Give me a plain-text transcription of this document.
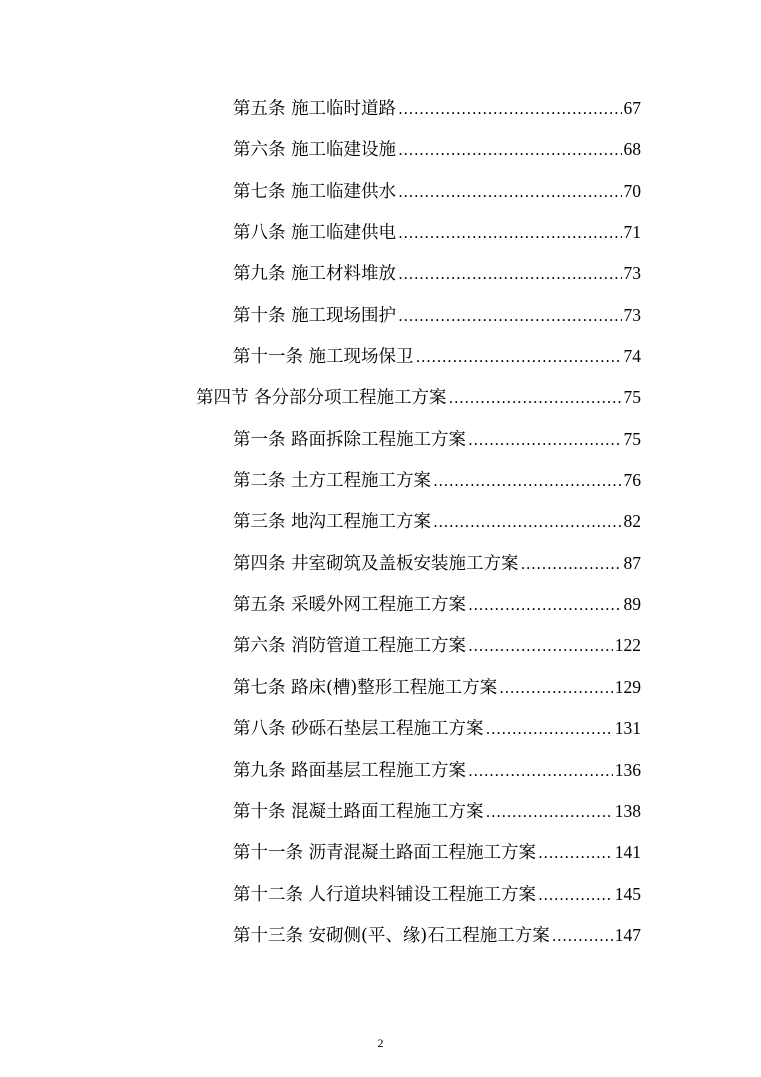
第五条 施工临时道路 .....	67
第六条 施工临建设施 .....	68
第七条 施工临建供水 .....	70
第八条 施工临建供电 .....	71
第九条 施工材料堆放 .....	73
第十条 施工现场围护 .....	73
第十一条 施工现场保卫 .....	74
第四节 各分部分项工程施工方案 .....	75
第一条 路面拆除工程施工方案 .....	75
第二条 土方工程施工方案 .....	76
第三条 地沟工程施工方案 .....	82
第四条 井室砌筑及盖板安装施工方案 .....	87
第五条 采暖外网工程施工方案 .....	89
第六条 消防管道工程施工方案 .....	122
第七条 路床(槽)整形工程施工方案 .....	129
第八条 砂砾石垫层工程施工方案 .....	131
第九条 路面基层工程施工方案 .....	136
第十条 混凝土路面工程施工方案 .....	138
第十一条 沥青混凝土路面工程施工方案 .....	141
第十二条 人行道块料铺设工程施工方案 .....	145
第十三条 安砌侧(平、缘)石工程施工方案 .....	147
2
